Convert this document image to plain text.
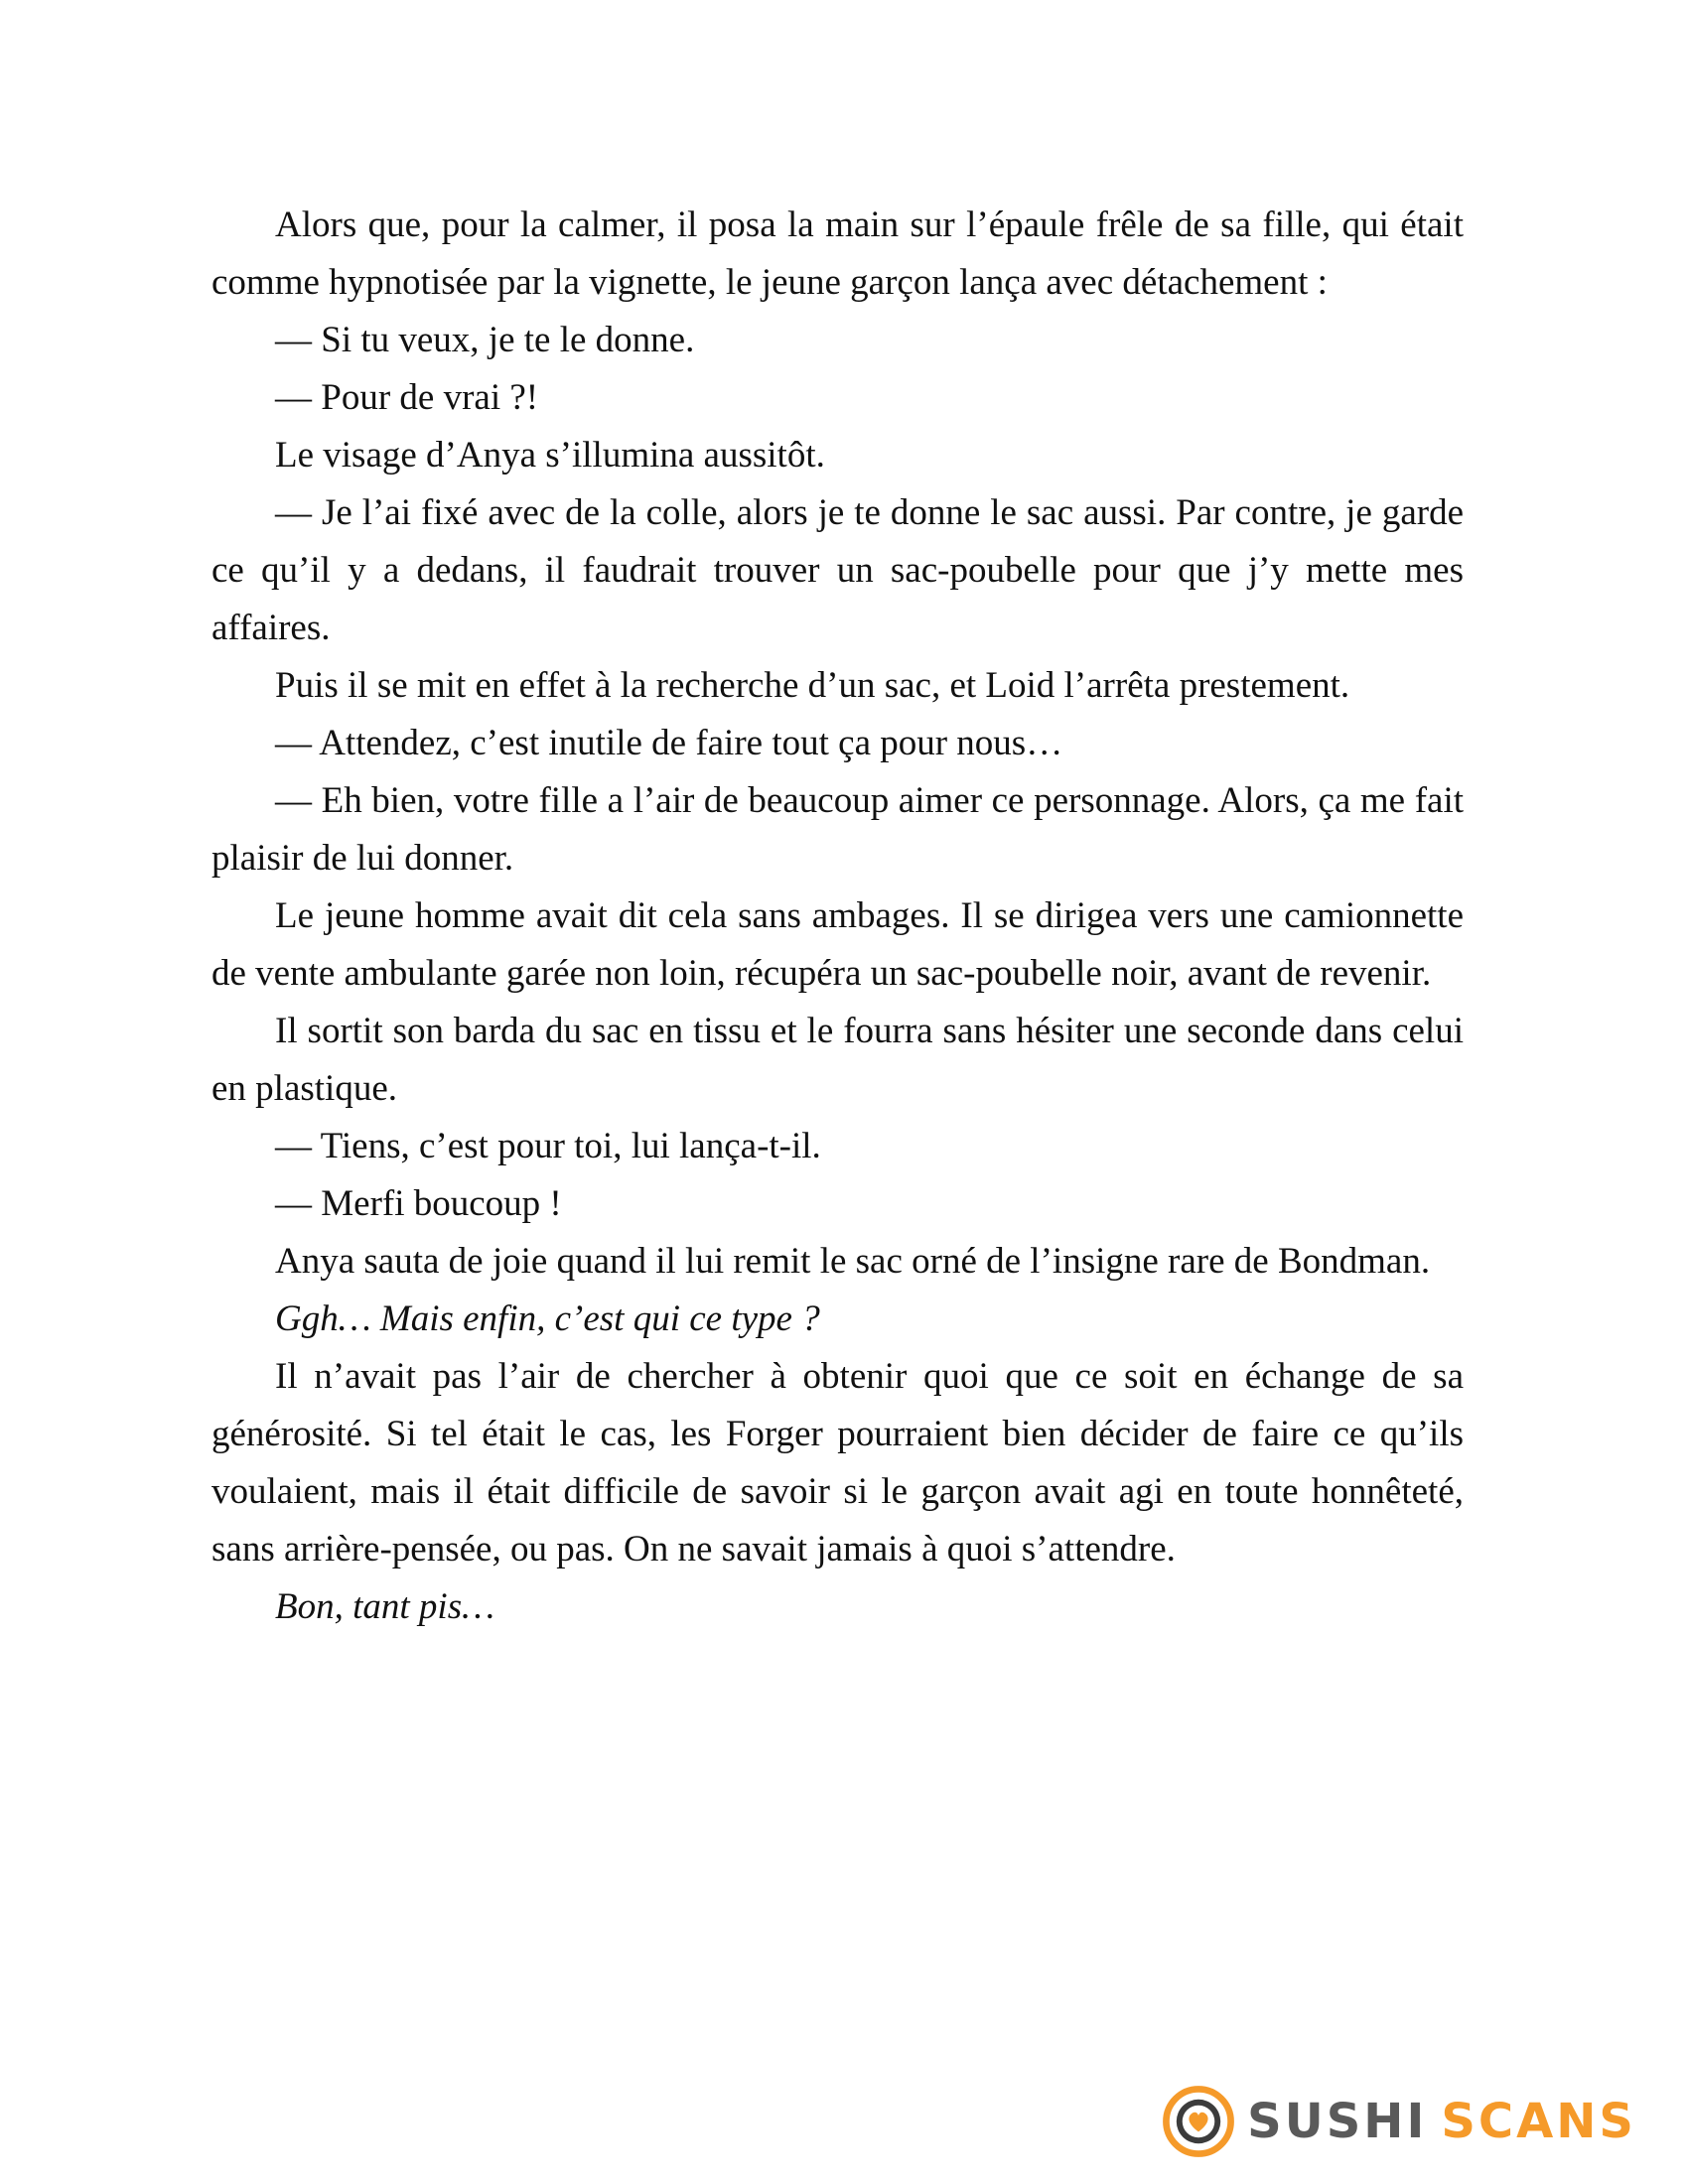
Alors que, pour la calmer, il posa la main sur l’épaule frêle de sa fille, qui était comme hypnotisée par la vignette, le jeune garçon lança avec détachement :

— Si tu veux, je te le donne.

— Pour de vrai ?!

Le visage d’Anya s’illumina aussitôt.

— Je l’ai fixé avec de la colle, alors je te donne le sac aussi. Par contre, je garde ce qu’il y a dedans, il faudrait trouver un sac-poubelle pour que j’y mette mes affaires.

Puis il se mit en effet à la recherche d’un sac, et Loid l’arrêta prestement.

— Attendez, c’est inutile de faire tout ça pour nous…

— Eh bien, votre fille a l’air de beaucoup aimer ce personnage. Alors, ça me fait plaisir de lui donner.

Le jeune homme avait dit cela sans ambages. Il se dirigea vers une camionnette de vente ambulante garée non loin, récupéra un sac-poubelle noir, avant de revenir.

Il sortit son barda du sac en tissu et le fourra sans hésiter une seconde dans celui en plastique.

— Tiens, c’est pour toi, lui lança-t-il.

— Merfi boucoup !

Anya sauta de joie quand il lui remit le sac orné de l’insigne rare de Bondman.

Ggh… Mais enfin, c’est qui ce type ?

Il n’avait pas l’air de chercher à obtenir quoi que ce soit en échange de sa générosité. Si tel était le cas, les Forger pourraient bien décider de faire ce qu’ils voulaient, mais il était difficile de savoir si le garçon avait agi en toute honnêteté, sans arrière-pensée, ou pas. On ne savait jamais à quoi s’attendre.

Bon, tant pis…

SUSHI SCANS
